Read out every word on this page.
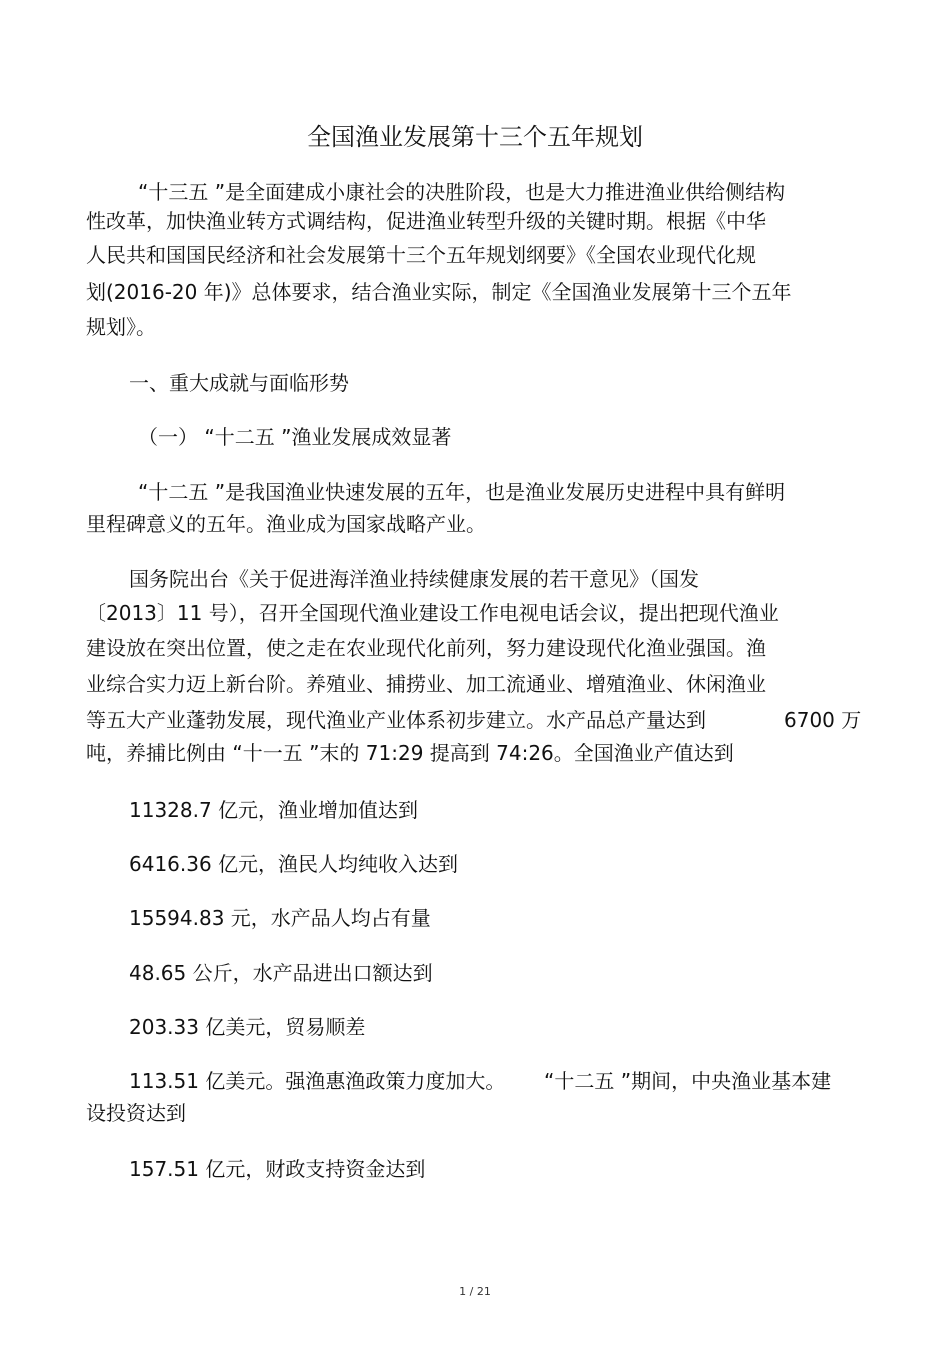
全国渔业发展第十三个五年规划
“十三五 ”是全面建成小康社会的决胜阶段，也是大力推进渔业供给侧结构
性改革，加快渔业转方式调结构，促进渔业转型升级的关键时期。根据《中华
人民共和国国民经济和社会发展第十三个五年规划纲要》《全国农业现代化规
划(2016-20 年)》总体要求，结合渔业实际，制定《全国渔业发展第十三个五年
规划》。
一、重大成就与面临形势
（一） “十二五 ”渔业发展成效显著
“十二五 ”是我国渔业快速发展的五年，也是渔业发展历史进程中具有鲜明
里程碑意义的五年。渔业成为国家战略产业。
国务院出台《关于促进海洋渔业持续健康发展的若干意见》（国发
〔2013〕11 号），召开全国现代渔业建设工作电视电话会议，提出把现代渔业
建设放在突出位置，使之走在农业现代化前列，努力建设现代化渔业强国。渔
业综合实力迈上新台阶。养殖业、捕捞业、加工流通业、增殖渔业、休闲渔业
等五大产业蓬勃发展，现代渔业产业体系初步建立。水产品总产量达到	6700 万
吨，养捕比例由 “十一五 ”末的 71:29 提高到 74:26。全国渔业产值达到
11328.7 亿元，渔业增加值达到
6416.36 亿元，渔民人均纯收入达到
15594.83 元，水产品人均占有量
48.65 公斤，水产品进出口额达到
203.33 亿美元，贸易顺差
113.51 亿美元。强渔惠渔政策力度加大。 “十二五 ”期间，中央渔业基本建
设投资达到
157.51 亿元，财政支持资金达到
1 / 21
